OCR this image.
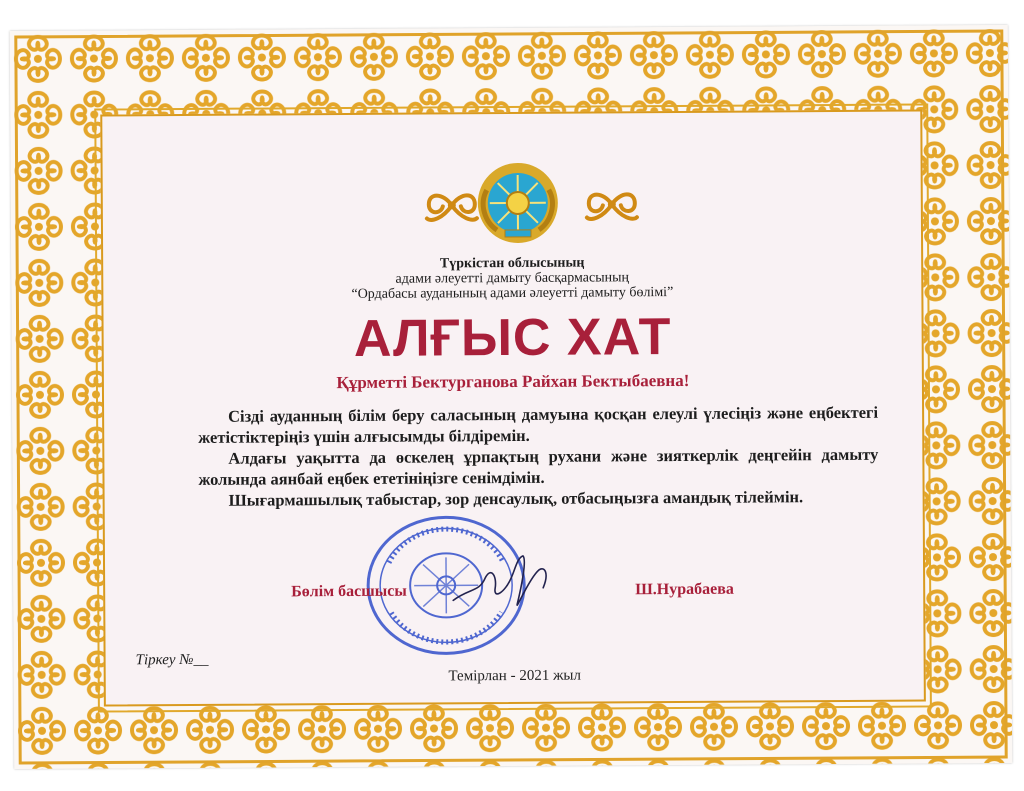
Түркістан облысының
адами әлеуетті дамыту басқармасының
“Ордабасы ауданының адами әлеуетті дамыту бөлімі”
АЛҒЫС ХАТ
Құрметті Бектурганова Райхан Бектыбаевна!

Сізді ауданның білім беру саласының дамуына қосқан елеулі үлесіңіз және еңбектегі жетістіктеріңіз үшін алғысымды білдіремін.

Алдағы уақытта да өскелең ұрпақтың рухани және зияткерлік деңгейін дамыту жолында аянбай еңбек ететініңізге сенімдімін.

Шығармашылық табыстар, зор денсаулық, отбасыңызға амандық тілеймін.

Бөлім басшысы	Ш.Нурабаева
Тіркеу №__
Темірлан - 2021 жыл
